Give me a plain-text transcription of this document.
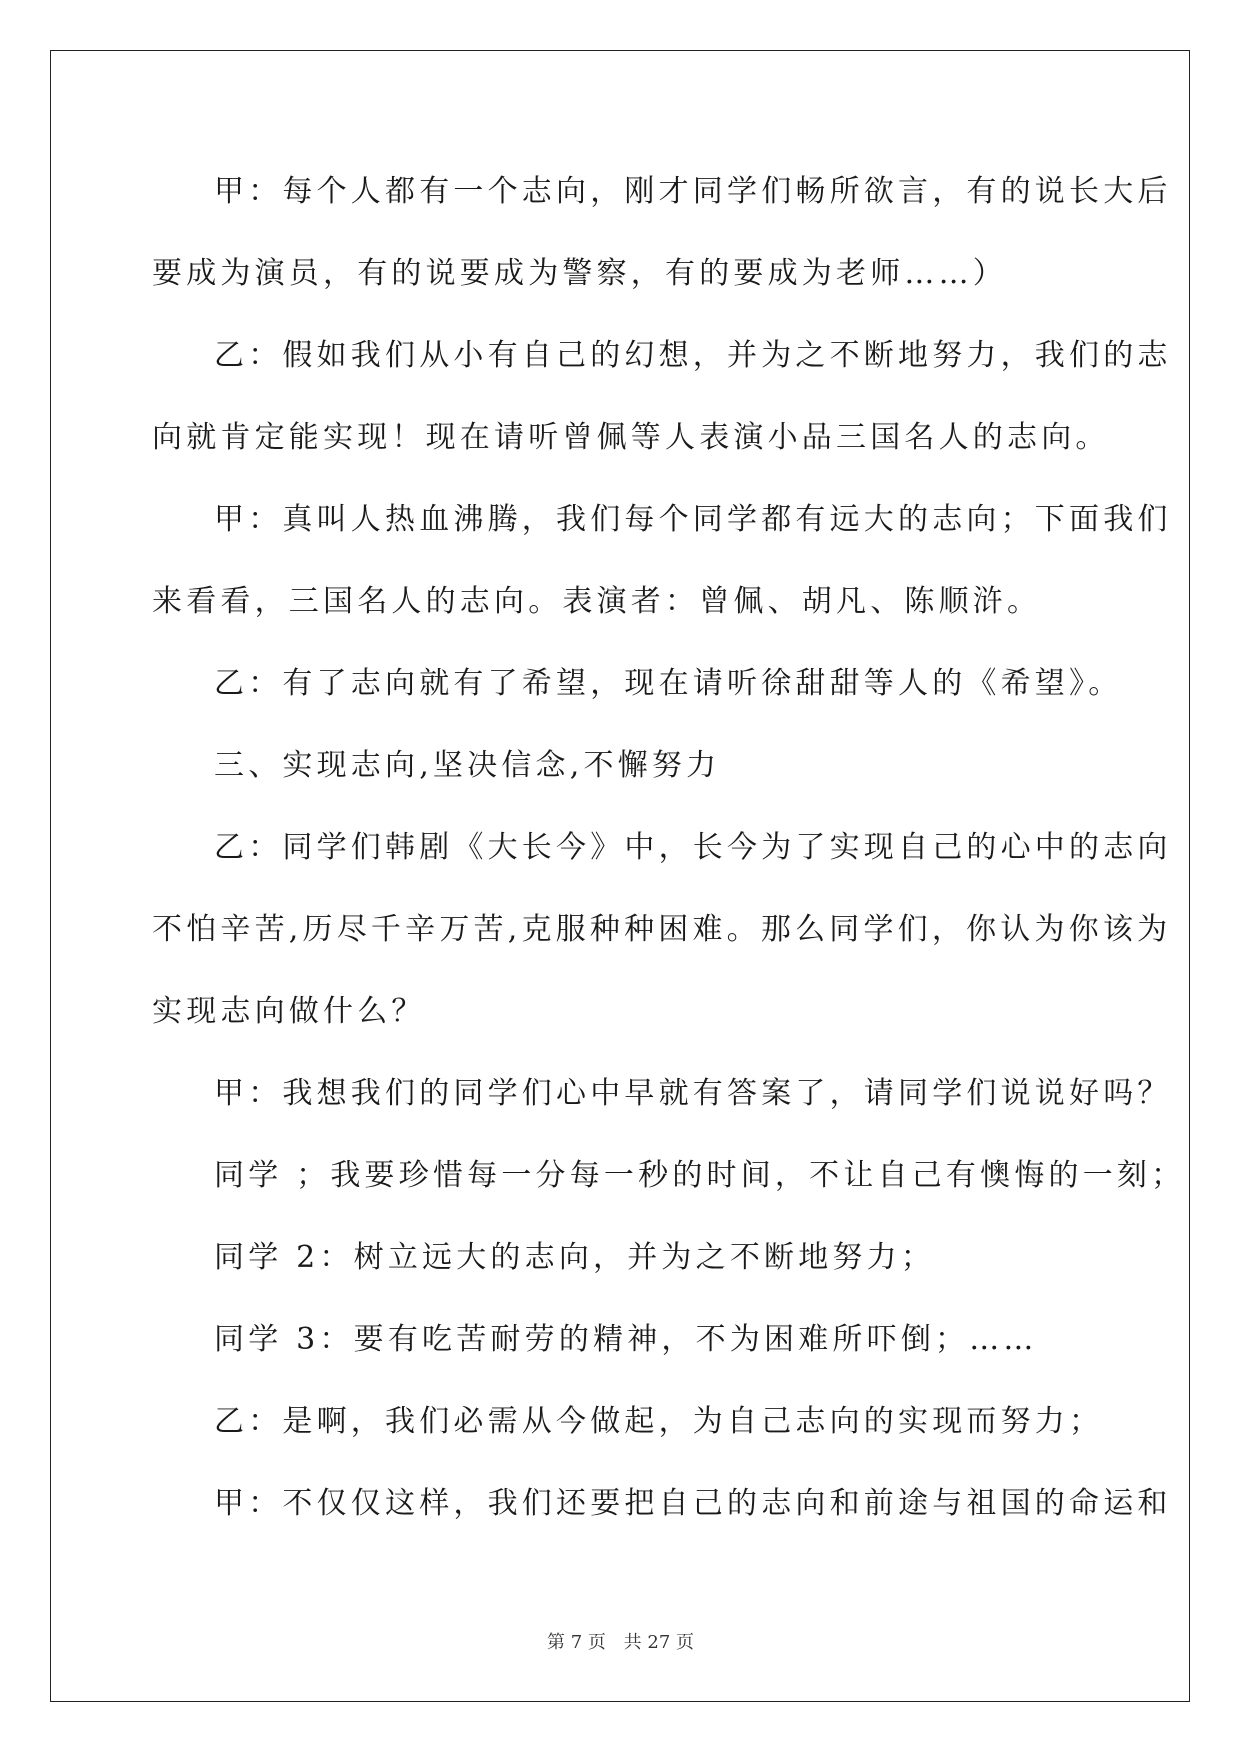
甲：每个人都有一个志向，刚才同学们畅所欲言，有的说长大后
要成为演员，有的说要成为警察，有的要成为老师……）
乙：假如我们从小有自己的幻想，并为之不断地努力，我们的志
向就肯定能实现！现在请听曾佩等人表演小品三国名人的志向。
甲：真叫人热血沸腾，我们每个同学都有远大的志向；下面我们
来看看，三国名人的志向。表演者：曾佩、胡凡、陈顺浒。
乙：有了志向就有了希望，现在请听徐甜甜等人的《希望》。
三、实现志向,坚决信念,不懈努力
乙：同学们韩剧《大长今》中，长今为了实现自己的心中的志向
不怕辛苦,历尽千辛万苦,克服种种困难。那么同学们，你认为你该为
实现志向做什么？
甲：我想我们的同学们心中早就有答案了，请同学们说说好吗？
同学 ；我要珍惜每一分每一秒的时间，不让自己有懊悔的一刻；
同学 2：树立远大的志向，并为之不断地努力；
同学 3：要有吃苦耐劳的精神，不为困难所吓倒；……
乙：是啊，我们必需从今做起，为自己志向的实现而努力；
甲：不仅仅这样，我们还要把自己的志向和前途与祖国的命运和
第 7 页 共 27 页
